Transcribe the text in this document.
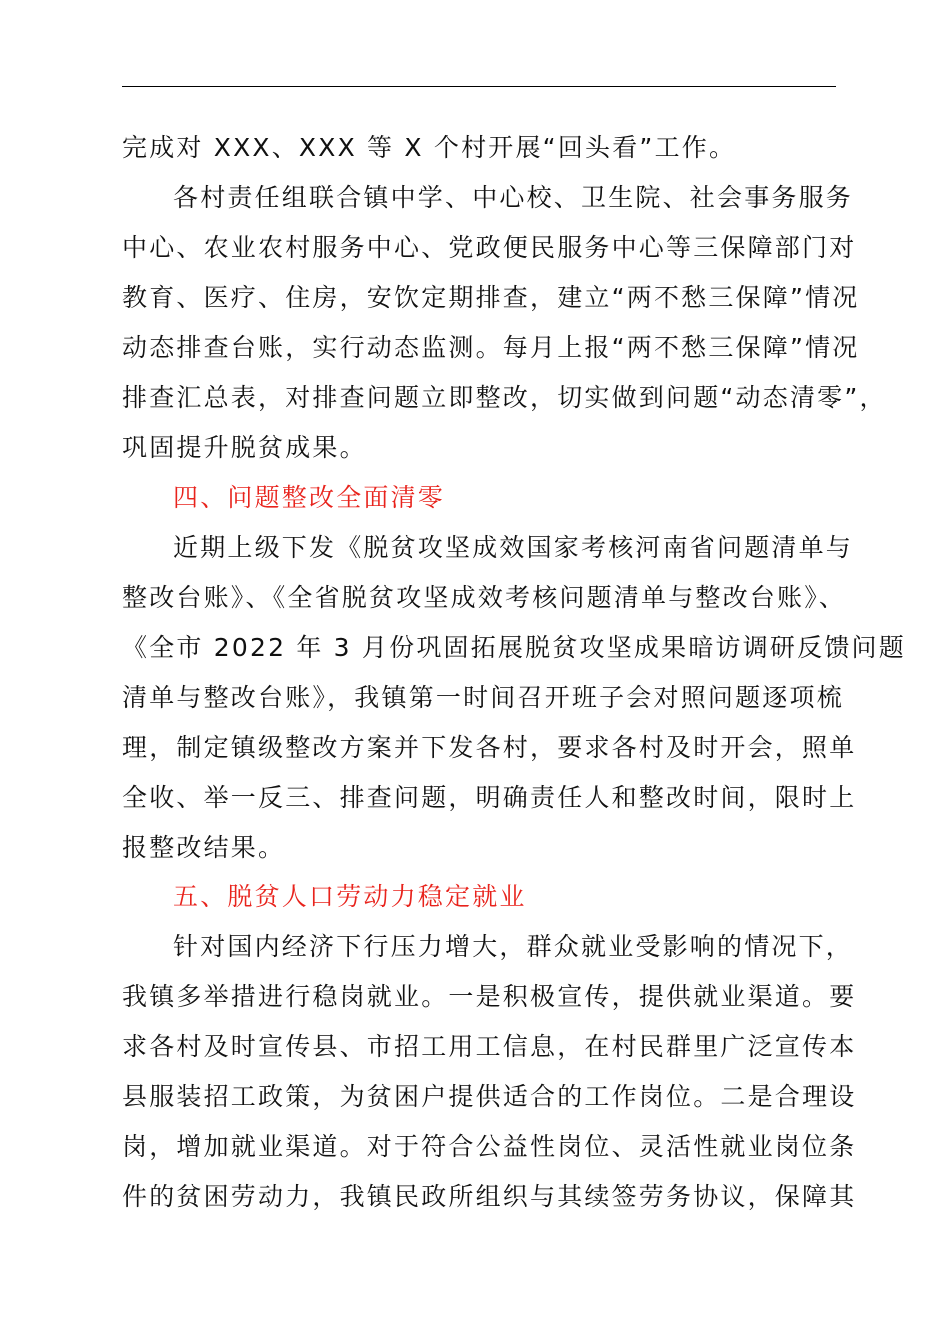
完成对 XXX、XXX 等 X 个村开展“回头看”工作。
各村责任组联合镇中学、中心校、卫生院、社会事务服务
中心、农业农村服务中心、党政便民服务中心等三保障部门对
教育、医疗、住房，安饮定期排查，建立“两不愁三保障”情况
动态排查台账，实行动态监测。每月上报“两不愁三保障”情况
排查汇总表，对排查问题立即整改，切实做到问题“动态清零”，
巩固提升脱贫成果。
四、问题整改全面清零
近期上级下发《脱贫攻坚成效国家考核河南省问题清单与
整改台账》、《全省脱贫攻坚成效考核问题清单与整改台账》、
《全市 2022 年 3 月份巩固拓展脱贫攻坚成果暗访调研反馈问题
清单与整改台账》，我镇第一时间召开班子会对照问题逐项梳
理，制定镇级整改方案并下发各村，要求各村及时开会，照单
全收、举一反三、排查问题，明确责任人和整改时间，限时上
报整改结果。
五、脱贫人口劳动力稳定就业
针对国内经济下行压力增大，群众就业受影响的情况下，
我镇多举措进行稳岗就业。一是积极宣传，提供就业渠道。要
求各村及时宣传县、市招工用工信息，在村民群里广泛宣传本
县服装招工政策，为贫困户提供适合的工作岗位。二是合理设
岗，增加就业渠道。对于符合公益性岗位、灵活性就业岗位条
件的贫困劳动力，我镇民政所组织与其续签劳务协议，保障其
